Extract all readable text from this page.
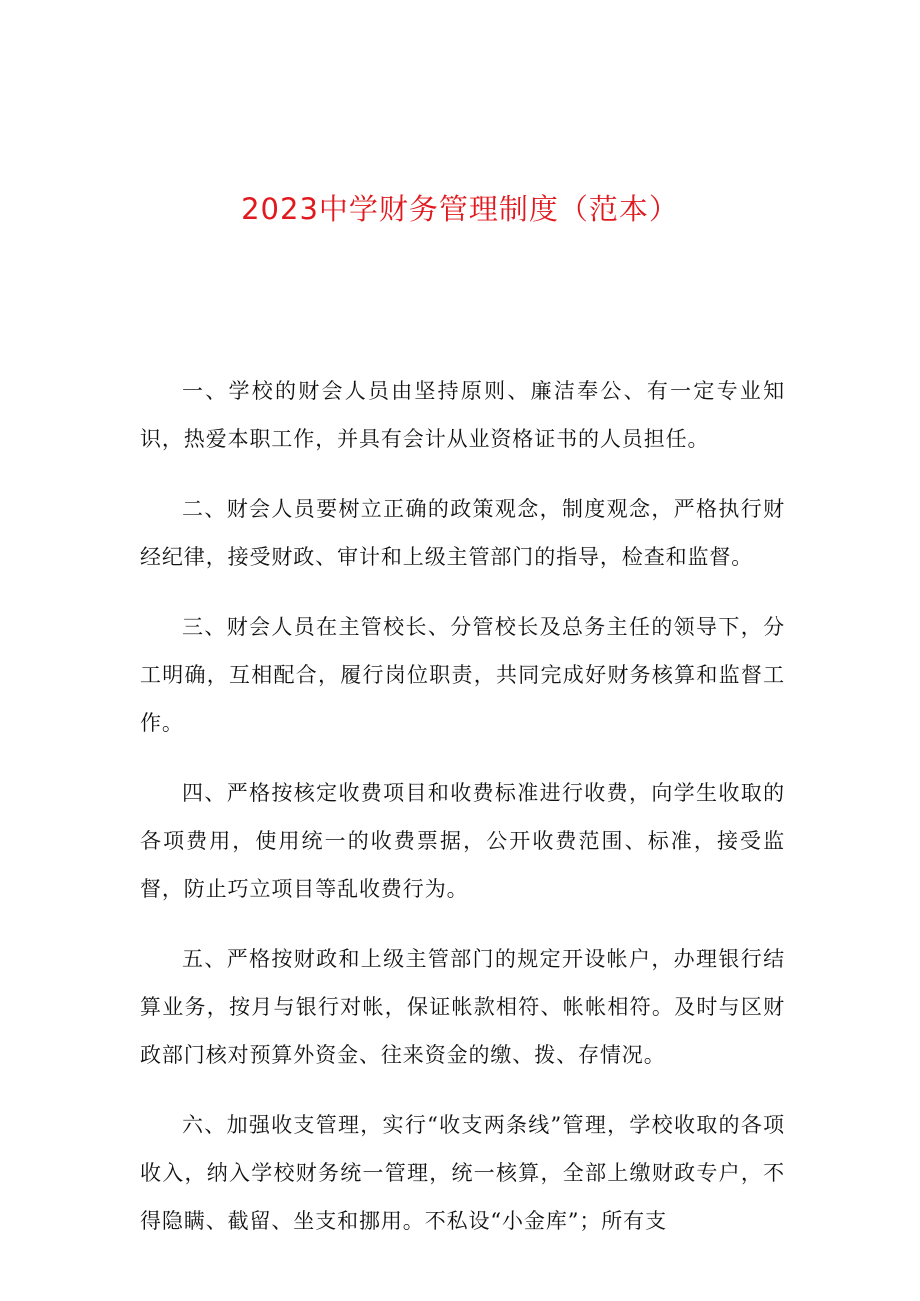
2023中学财务管理制度（范本）

一、学校的财会人员由坚持原则、廉洁奉公、有一定专业知识，热爱本职工作，并具有会计从业资格证书的人员担任。

二、财会人员要树立正确的政策观念，制度观念，严格执行财经纪律，接受财政、审计和上级主管部门的指导，检查和监督。

三、财会人员在主管校长、分管校长及总务主任的领导下，分工明确，互相配合，履行岗位职责，共同完成好财务核算和监督工作。

四、严格按核定收费项目和收费标准进行收费，向学生收取的各项费用，使用统一的收费票据，公开收费范围、标准，接受监督，防止巧立项目等乱收费行为。

五、严格按财政和上级主管部门的规定开设帐户，办理银行结算业务，按月与银行对帐，保证帐款相符、帐帐相符。及时与区财政部门核对预算外资金、往来资金的缴、拨、存情况。

六、加强收支管理，实行“收支两条线”管理，学校收取的各项收入，纳入学校财务统一管理，统一核算，全部上缴财政专户，不得隐瞒、截留、坐支和挪用。不私设“小金库”；所有支
